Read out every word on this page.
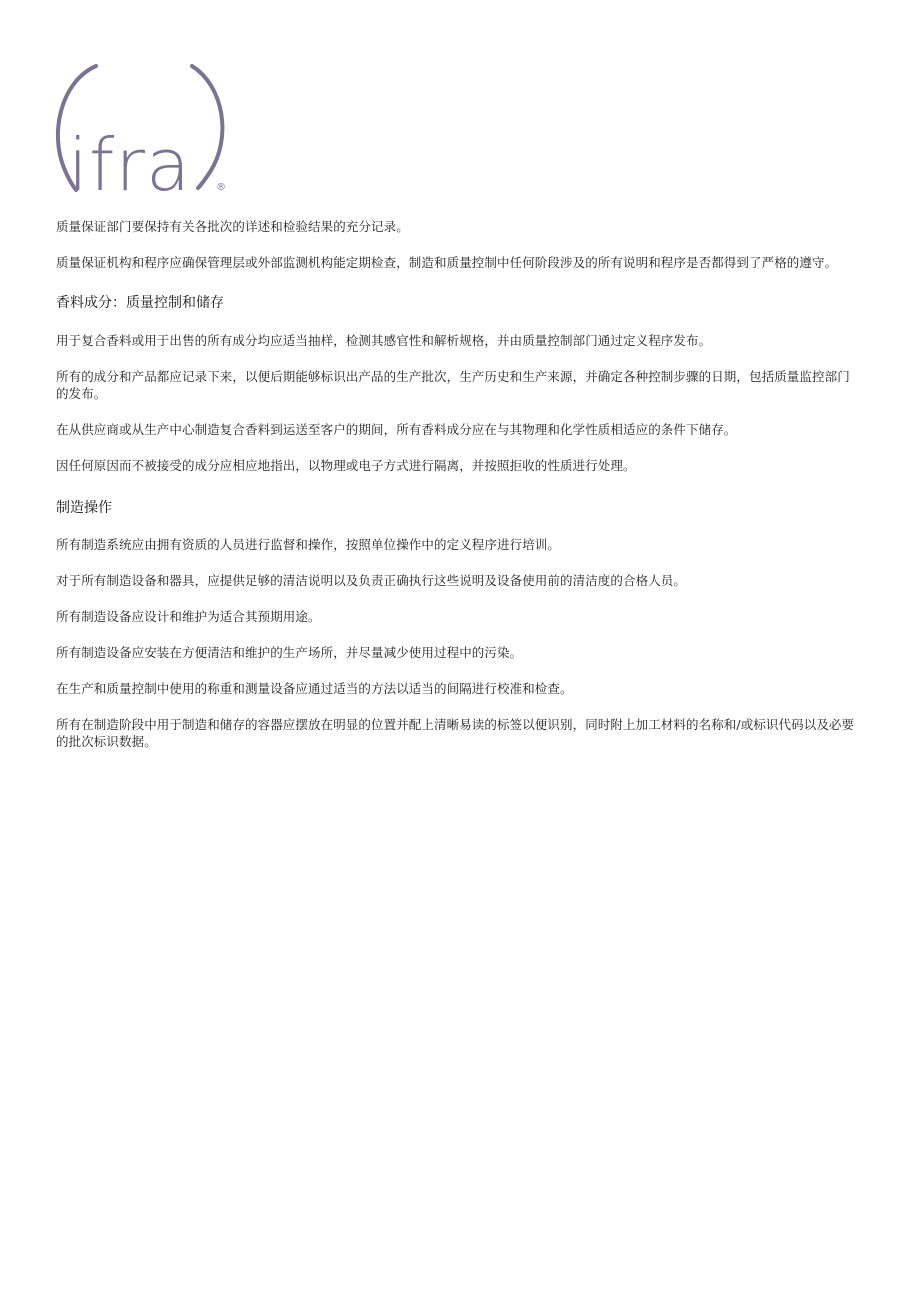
ifra ®

质量保证部门要保持有关各批次的详述和检验结果的充分记录。

质量保证机构和程序应确保管理层或外部监测机构能定期检查，制造和质量控制中任何阶段涉及的所有说明和程序是否都得到了严格的遵守。

香料成分：质量控制和储存

用于复合香料或用于出售的所有成分均应适当抽样，检测其感官性和解析规格，并由质量控制部门通过定义程序发布。

所有的成分和产品都应记录下来，以便后期能够标识出产品的生产批次，生产历史和生产来源，并确定各种控制步骤的日期，包括质量监控部门的发布。

在从供应商或从生产中心制造复合香料到运送至客户的期间，所有香料成分应在与其物理和化学性质相适应的条件下储存。

因任何原因而不被接受的成分应相应地指出，以物理或电子方式进行隔离，并按照拒收的性质进行处理。

制造操作

所有制造系统应由拥有资质的人员进行监督和操作，按照单位操作中的定义程序进行培训。

对于所有制造设备和器具，应提供足够的清洁说明以及负责正确执行这些说明及设备使用前的清洁度的合格人员。

所有制造设备应设计和维护为适合其预期用途。

所有制造设备应安装在方便清洁和维护的生产场所，并尽量减少使用过程中的污染。

在生产和质量控制中使用的称重和测量设备应通过适当的方法以适当的间隔进行校准和检查。

所有在制造阶段中用于制造和储存的容器应摆放在明显的位置并配上清晰易读的标签以便识别，同时附上加工材料的名称和/或标识代码以及必要的批次标识数据。
